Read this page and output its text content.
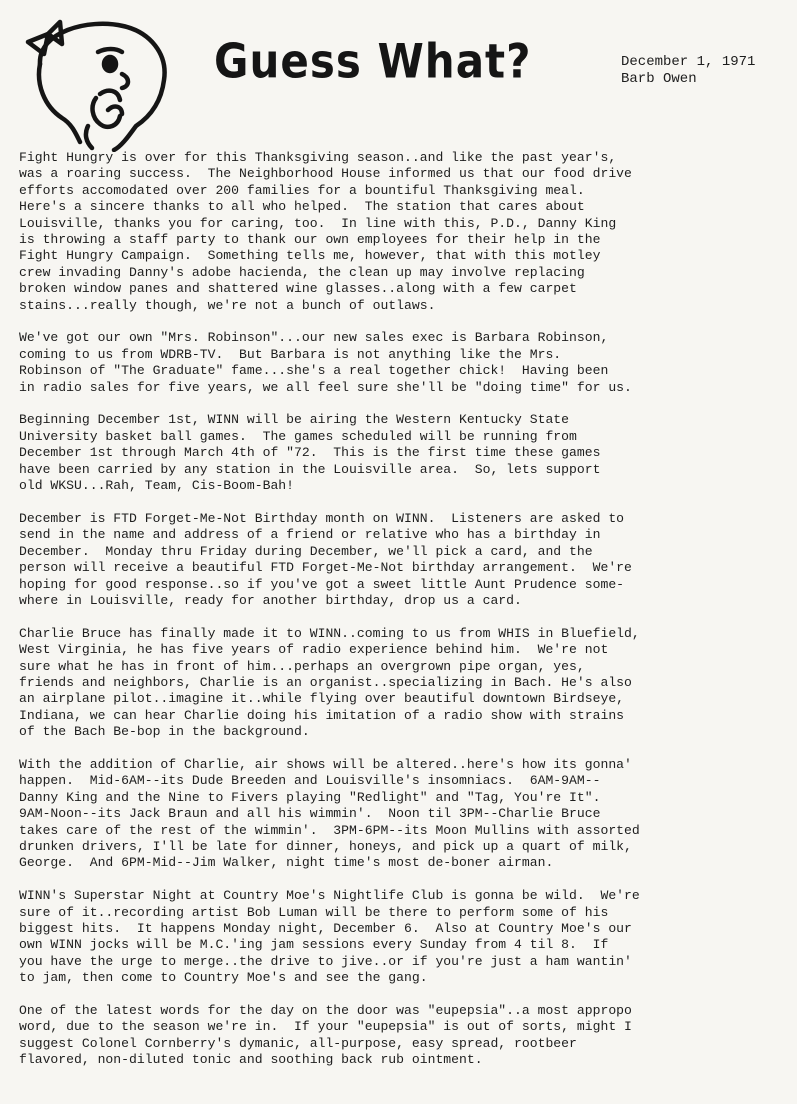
Guess What?	December 1, 1971
Barb Owen
Fight Hungry is over for this Thanksgiving season..and like the past year's,
was a roaring success.  The Neighborhood House informed us that our food drive
efforts accomodated over 200 families for a bountiful Thanksgiving meal.
Here's a sincere thanks to all who helped.  The station that cares about
Louisville, thanks you for caring, too.  In line with this, P.D., Danny King
is throwing a staff party to thank our own employees for their help in the
Fight Hungry Campaign.  Something tells me, however, that with this motley
crew invading Danny's adobe hacienda, the clean up may involve replacing
broken window panes and shattered wine glasses..along with a few carpet
stains...really though, we're not a bunch of outlaws.
We've got our own "Mrs. Robinson"...our new sales exec is Barbara Robinson,
coming to us from WDRB-TV.  But Barbara is not anything like the Mrs.
Robinson of "The Graduate" fame...she's a real together chick!  Having been
in radio sales for five years, we all feel sure she'll be "doing time" for us.
Beginning December 1st, WINN will be airing the Western Kentucky State
University basket ball games.  The games scheduled will be running from
December 1st through March 4th of "72.  This is the first time these games
have been carried by any station in the Louisville area.  So, lets support
old WKSU...Rah, Team, Cis-Boom-Bah!
December is FTD Forget-Me-Not Birthday month on WINN.  Listeners are asked to
send in the name and address of a friend or relative who has a birthday in
December.  Monday thru Friday during December, we'll pick a card, and the
person will receive a beautiful FTD Forget-Me-Not birthday arrangement.  We're
hoping for good response..so if you've got a sweet little Aunt Prudence some-
where in Louisville, ready for another birthday, drop us a card.
Charlie Bruce has finally made it to WINN..coming to us from WHIS in Bluefield,
West Virginia, he has five years of radio experience behind him.  We're not
sure what he has in front of him...perhaps an overgrown pipe organ, yes,
friends and neighbors, Charlie is an organist..specializing in Bach. He's also
an airplane pilot..imagine it..while flying over beautiful downtown Birdseye,
Indiana, we can hear Charlie doing his imitation of a radio show with strains
of the Bach Be-bop in the background.
With the addition of Charlie, air shows will be altered..here's how its gonna'
happen.  Mid-6AM--its Dude Breeden and Louisville's insomniacs.  6AM-9AM--
Danny King and the Nine to Fivers playing "Redlight" and "Tag, You're It".
9AM-Noon--its Jack Braun and all his wimmin'.  Noon til 3PM--Charlie Bruce
takes care of the rest of the wimmin'.  3PM-6PM--its Moon Mullins with assorted
drunken drivers, I'll be late for dinner, honeys, and pick up a quart of milk,
George.  And 6PM-Mid--Jim Walker, night time's most de-boner airman.
WINN's Superstar Night at Country Moe's Nightlife Club is gonna be wild.  We're
sure of it..recording artist Bob Luman will be there to perform some of his
biggest hits.  It happens Monday night, December 6.  Also at Country Moe's our
own WINN jocks will be M.C.'ing jam sessions every Sunday from 4 til 8.  If
you have the urge to merge..the drive to jive..or if you're just a ham wantin'
to jam, then come to Country Moe's and see the gang.
One of the latest words for the day on the door was "eupepsia"..a most appropo
word, due to the season we're in.  If your "eupepsia" is out of sorts, might I
suggest Colonel Cornberry's dymanic, all-purpose, easy spread, rootbeer
flavored, non-diluted tonic and soothing back rub ointment.
